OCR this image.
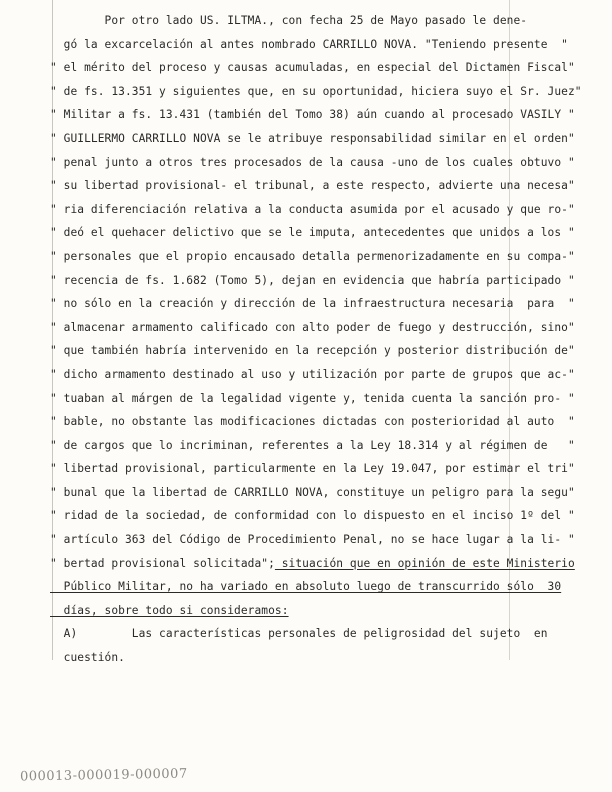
Por otro lado US. ILTMA., con fecha 25 de Mayo pasado le dene-
gó la excarcelación al antes nombrado CARRILLO NOVA. "Teniendo presente  "
" el mérito del proceso y causas acumuladas, en especial del Dictamen Fiscal"
" de fs. 13.351 y siguientes que, en su oportunidad, hiciera suyo el Sr. Juez"
" Militar a fs. 13.431 (también del Tomo 38) aún cuando al procesado VASILY "
" GUILLERMO CARRILLO NOVA se le atribuye responsabilidad similar en el orden"
" penal junto a otros tres procesados de la causa -uno de los cuales obtuvo "
" su libertad provisional- el tribunal, a este respecto, advierte una necesa"
" ria diferenciación relativa a la conducta asumida por el acusado y que ro-"
" deó el quehacer delictivo que se le imputa, antecedentes que unidos a los "
" personales que el propio encausado detalla permenorizadamente en su compa-"
" recencia de fs. 1.682 (Tomo 5), dejan en evidencia que habría participado "
" no sólo en la creación y dirección de la infraestructura necesaria  para  "
" almacenar armamento calificado con alto poder de fuego y destrucción, sino"
" que también habría intervenido en la recepción y posterior distribución de"
" dicho armamento destinado al uso y utilización por parte de grupos que ac-"
" tuaban al márgen de la legalidad vigente y, tenida cuenta la sanción pro- "
" bable, no obstante las modificaciones dictadas con posterioridad al auto  "
" de cargos que lo incriminan, referentes a la Ley 18.314 y al régimen de   "
" libertad provisional, particularmente en la Ley 19.047, por estimar el tri"
" bunal que la libertad de CARRILLO NOVA, constituye un peligro para la segu"
" ridad de la sociedad, de conformidad con lo dispuesto en el inciso 1º del "
" artículo 363 del Código de Procedimiento Penal, no se hace lugar a la li- "
" bertad provisional solicitada"; situación que en opinión de este Ministerio
Público Militar, no ha variado en absoluto luego de transcurrido sólo  30
días, sobre todo si consideramos:
A)        Las características personales de peligrosidad del sujeto  en
cuestión.
000013-000019-000007
